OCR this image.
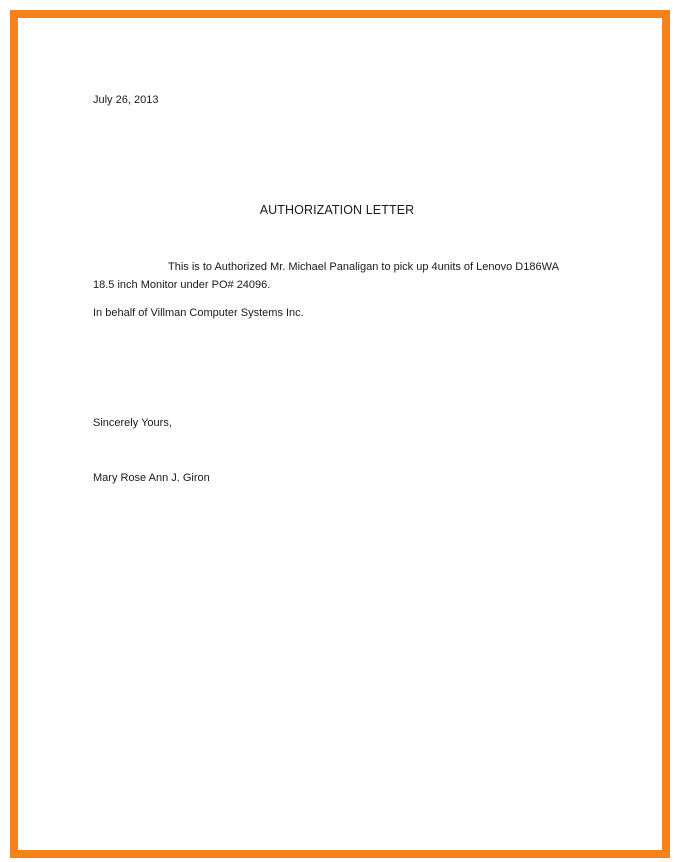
July 26, 2013
AUTHORIZATION LETTER
This is to Authorized Mr. Michael Panaligan to pick up 4units of Lenovo D186WA
18.5 inch Monitor under PO# 24096.
In behalf of Villman Computer Systems Inc.
Sincerely Yours,
Mary Rose Ann J. Giron
